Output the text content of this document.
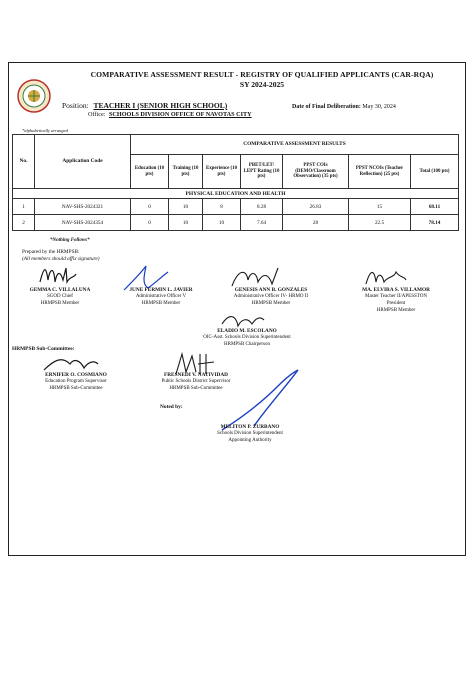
COMPARATIVE ASSESSMENT RESULT - REGISTRY OF QUALIFIED APPLICANTS (CAR-RQA)
SY 2024-2025
Position: TEACHER I (SENIOR HIGH SCHOOL)	Date of Final Deliberation: May 30, 2024
Office: SCHOOLS DIVISION OFFICE OF NAVOTAS CITY
*alphabetically arranged
No.	Application Code	COMPARATIVE ASSESSMENT RESULTS						
		Education (10 pts)	Training (10 pts)	Experience (10 pts)	PBET/LET/ LEPT Rating (10 pts)	PPST COIs (DEMO/Classroom Observation) (35 pts)	PPST NCOIs (Teacher Reflection) (25 pts)	Total (100 pts)
PHYSICAL EDUCATION AND HEALTH								
1	NAV-SHS-2024321	0	10	8	8.28	26.83	15	68.11
2	NAV-SHS-2024354	0	10	10	7.64	28	22.5	78.14
*Nothing Follows*
Prepared by the HRMPSB:
(All members should affix signature)
GEMMA C. VILLALUNA
SGOD Chief
HRMPSB Member
JUNE FERMIN L. JAVIER
Administrative Officer V
HRMPSB Member
GENESIS ANN B. GONZALES
Administrative Officer IV- HRMO II
HRMPSB Member
MA. ELVIRA S. VILLAMOR
Master Teacher II/APESSTON
President
HRMPSB Member
ELADIO M. ESCOLANO
OIC-Asst. Schools Division Superintendent
HRMPSB Chairperson
HRMPSB Sub-Committee:
ERNIFER O. COSMIANO
Education Program Supervisor
HRMPSB Sub-Committee
FRESNEDI V. NATIVIDAD
Public Schools District Supervisor
HRMPSB Sub-Committee
Noted by:
MELITON P. ZURBANO
Schools Division Superintendent
Appointing Authority
